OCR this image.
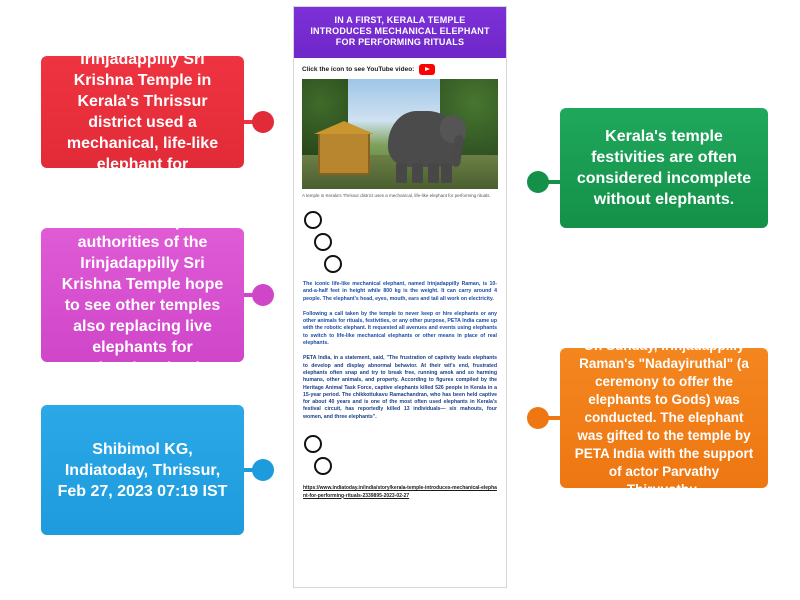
IN A FIRST, KERALA TEMPLE INTRODUCES MECHANICAL ELEPHANT FOR PERFORMING RITUALS
Click the icon to see YouTube video:
A temple in Kerala's Thrissur district uses a mechanical, life-like elephant for performing rituals.

The iconic life-like mechanical elephant, named Irinjadappilly Raman, is 10-and-a-half feet in height while 800 kg is the weight. It can carry around 4 people. The elephant's head, eyes, mouth, ears and tail all work on electricity.

Following a call taken by the temple to never keep or hire elephants or any other animals for rituals, festivities, or any other purpose, PETA India came up with the robotic elephant. It requested all avenues and events using elephants to switch to life-like mechanical elephants or other means in place of real elephants.

PETA India, in a statement, said, "The frustration of captivity leads elephants to develop and display abnormal behavior. At their wit's end, frustrated elephants often snap and try to break free, running amok and so harming humans, other animals, and property. According to figures compiled by the Heritage Animal Task Force, captive elephants killed 526 people in Kerala in a 15-year period. The chikkottukavu Ramachandran, who has been held captive for about 40 years and is one of the most often used elephants in Kerala's festival circuit, has reportedly killed 13 individuals— six mahouts, four women, and three elephants".

https://www.indiatoday.in/india/story/kerala-temple-introduces-mechanical-elephant-for-performing-rituals-2339895-2023-02-27
In a first, the Irinjadappilly Sri Krishna Temple in Kerala's Thrissur district used a mechanical, life-like elephant for performing rituals.
But the temple authorities of the Irinjadappilly Sri Krishna Temple hope to see other temples also replacing live elephants for performing rituals.
Shibimol KG, Indiatoday, Thrissur, Feb 27, 2023 07:19 IST
Kerala's temple festivities are often considered incomplete without elephants.
On Sunday, Irinjadappilly Raman's "Nadayiruthal" (a ceremony to offer the elephants to Gods) was conducted. The elephant was gifted to the temple by PETA India with the support of actor Parvathy Thiruvothu.
